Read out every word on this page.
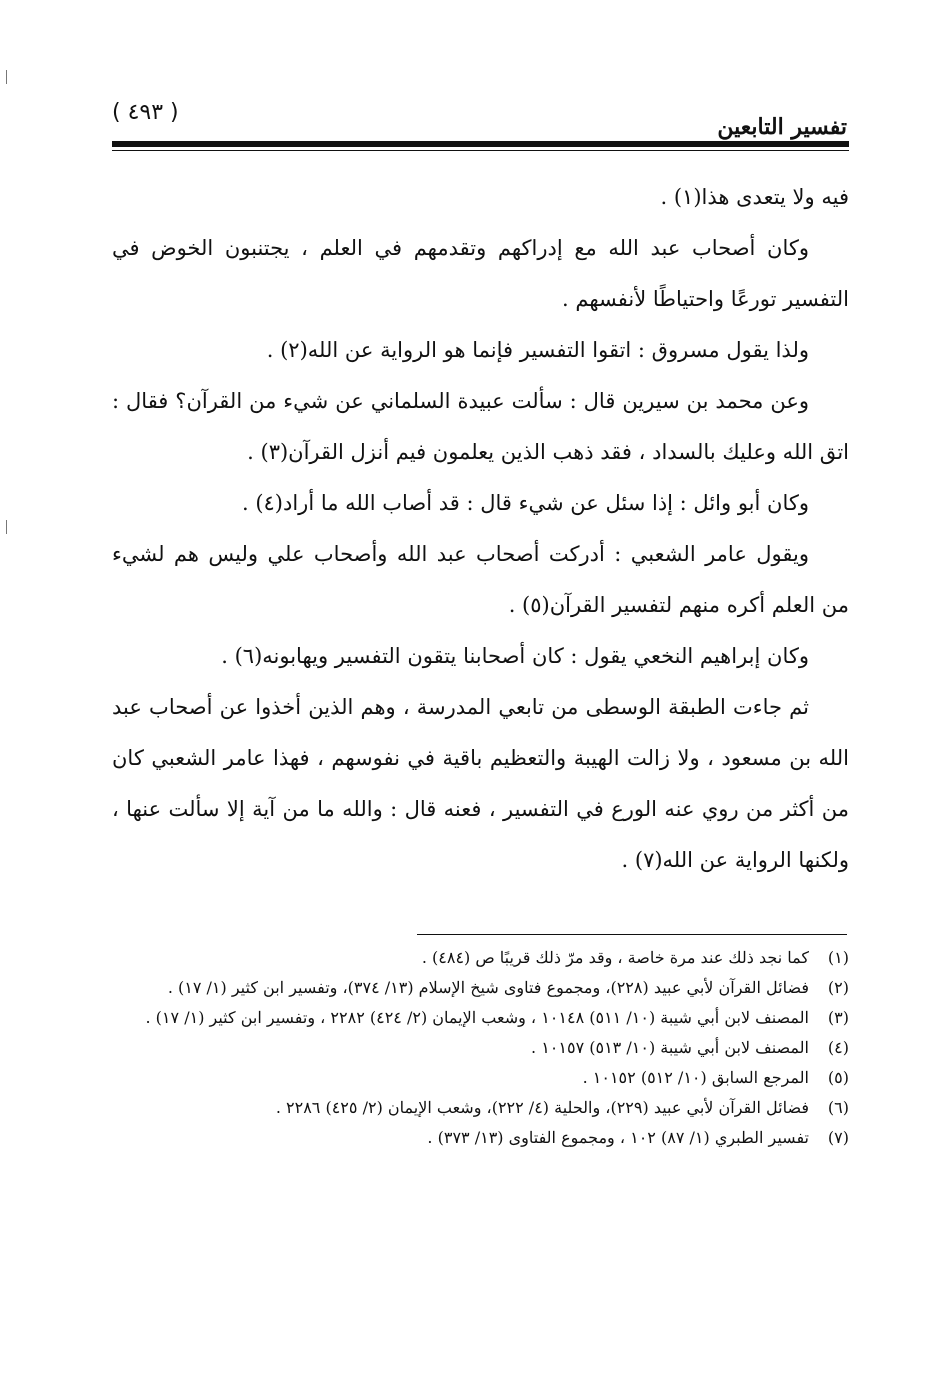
( ٤٩٣ )
تفسير التابعين

فيه ولا يتعدى هذا(١) .

وكان أصحاب عبد الله مع إدراكهم وتقدمهم في العلم ، يجتنبون الخوض في التفسير تورعًا واحتياطًا لأنفسهم .

ولذا يقول مسروق : اتقوا التفسير فإنما هو الرواية عن الله(٢) .

وعن محمد بن سيرين قال : سألت عبيدة السلماني عن شيء من القرآن؟ فقال : اتق الله وعليك بالسداد ، فقد ذهب الذين يعلمون فيم أنزل القرآن(٣) .

وكان أبو وائل : إذا سئل عن شيء قال : قد أصاب الله ما أراد(٤) .

ويقول عامر الشعبي : أدركت أصحاب عبد الله وأصحاب علي وليس هم لشيء من العلم أكره منهم لتفسير القرآن(٥) .

وكان إبراهيم النخعي يقول : كان أصحابنا يتقون التفسير ويهابونه(٦) .

ثم جاءت الطبقة الوسطى من تابعي المدرسة ، وهم الذين أخذوا عن أصحاب عبد الله بن مسعود ، ولا زالت الهيبة والتعظيم باقية في نفوسهم ، فهذا عامر الشعبي كان من أكثر من روي عنه الورع في التفسير ، فعنه قال : والله ما من آية إلا سألت عنها ، ولكنها الرواية عن الله(٧) .

(١)
كما نجد ذلك عند مرة خاصة ، وقد مرّ ذلك قريبًا ص (٤٨٤) .
(٢)
فضائل القرآن لأبي عبيد (٢٢٨)، ومجموع فتاوى شيخ الإسلام (١٣/ ٣٧٤)، وتفسير ابن كثير (١/ ١٧) .
(٣)
المصنف لابن أبي شيبة (١٠/ ٥١١) ١٠١٤٨ ، وشعب الإيمان (٢/ ٤٢٤) ٢٢٨٢ ، وتفسير ابن كثير (١/ ١٧) .
(٤)
المصنف لابن أبي شيبة (١٠/ ٥١٣) ١٠١٥٧ .
(٥)
المرجع السابق (١٠/ ٥١٢) ١٠١٥٢ .
(٦)
فضائل القرآن لأبي عبيد (٢٢٩)، والحلية (٤/ ٢٢٢)، وشعب الإيمان (٢/ ٤٢٥) ٢٢٨٦ .
(٧)
تفسير الطبري (١/ ٨٧) ١٠٢ ، ومجموع الفتاوى (١٣/ ٣٧٣) .
